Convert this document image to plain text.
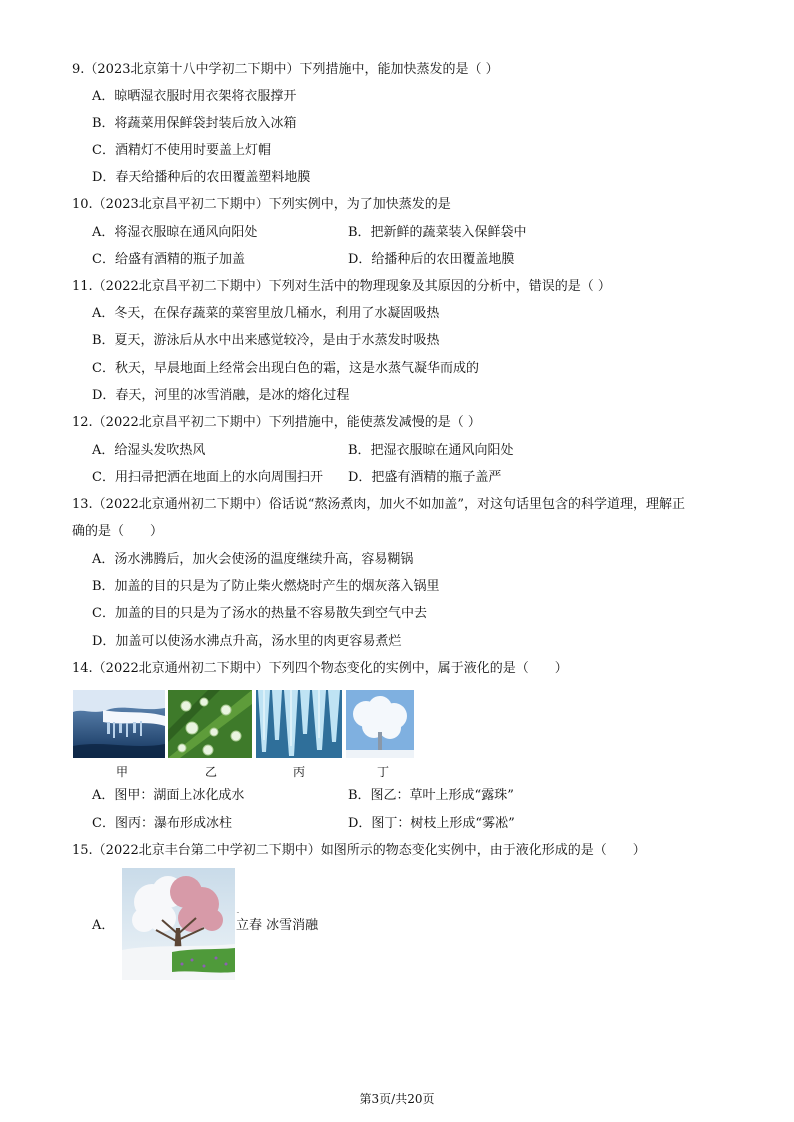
9.（2023北京第十八中学初二下期中）下列措施中，能加快蒸发的是（ ）
A．晾晒湿衣服时用衣架将衣服撑开
B．将蔬菜用保鲜袋封装后放入冰箱
C．酒精灯不使用时要盖上灯帽
D．春天给播种后的农田覆盖塑料地膜
10.（2023北京昌平初二下期中）下列实例中，为了加快蒸发的是
A．将湿衣服晾在通风向阳处	B．把新鲜的蔬菜装入保鲜袋中
C．给盛有酒精的瓶子加盖	D．给播种后的农田覆盖地膜
11.（2022北京昌平初二下期中）下列对生活中的物理现象及其原因的分析中，错误的是（ ）
A．冬天，在保存蔬菜的菜窖里放几桶水，利用了水凝固吸热
B．夏天，游泳后从水中出来感觉较冷，是由于水蒸发时吸热
C．秋天，早晨地面上经常会出现白色的霜，这是水蒸气凝华而成的
D．春天，河里的冰雪消融，是冰的熔化过程
12.（2022北京昌平初二下期中）下列措施中，能使蒸发减慢的是（ ）
A．给湿头发吹热风	B．把湿衣服晾在通风向阳处
C．用扫帚把洒在地面上的水向周围扫开 D．把盛有酒精的瓶子盖严
13.（2022北京通州初二下期中）俗话说“熬汤煮肉，加火不如加盖”，对这句话里包含的科学道理，理解正
确的是（　　）
A．汤水沸腾后，加火会使汤的温度继续升高，容易糊锅
B．加盖的目的只是为了防止柴火燃烧时产生的烟灰落入锅里
C．加盖的目的只是为了汤水的热量不容易散失到空气中去
D．加盖可以使汤水沸点升高，汤水里的肉更容易煮烂
14.（2022北京通州初二下期中）下列四个物态变化的实例中，属于液化的是（　　）
甲	乙	丙	丁
A．图甲：湖面上冰化成水	B．图乙：草叶上形成“露珠”
C．图丙：瀑布形成冰柱	D．图丁：树枝上形成“雾凇”
15.（2022北京丰台第二中学初二下期中）如图所示的物态变化实例中，由于液化形成的是（　　）
A．	立春 冰雪消融
第3页/共20页
